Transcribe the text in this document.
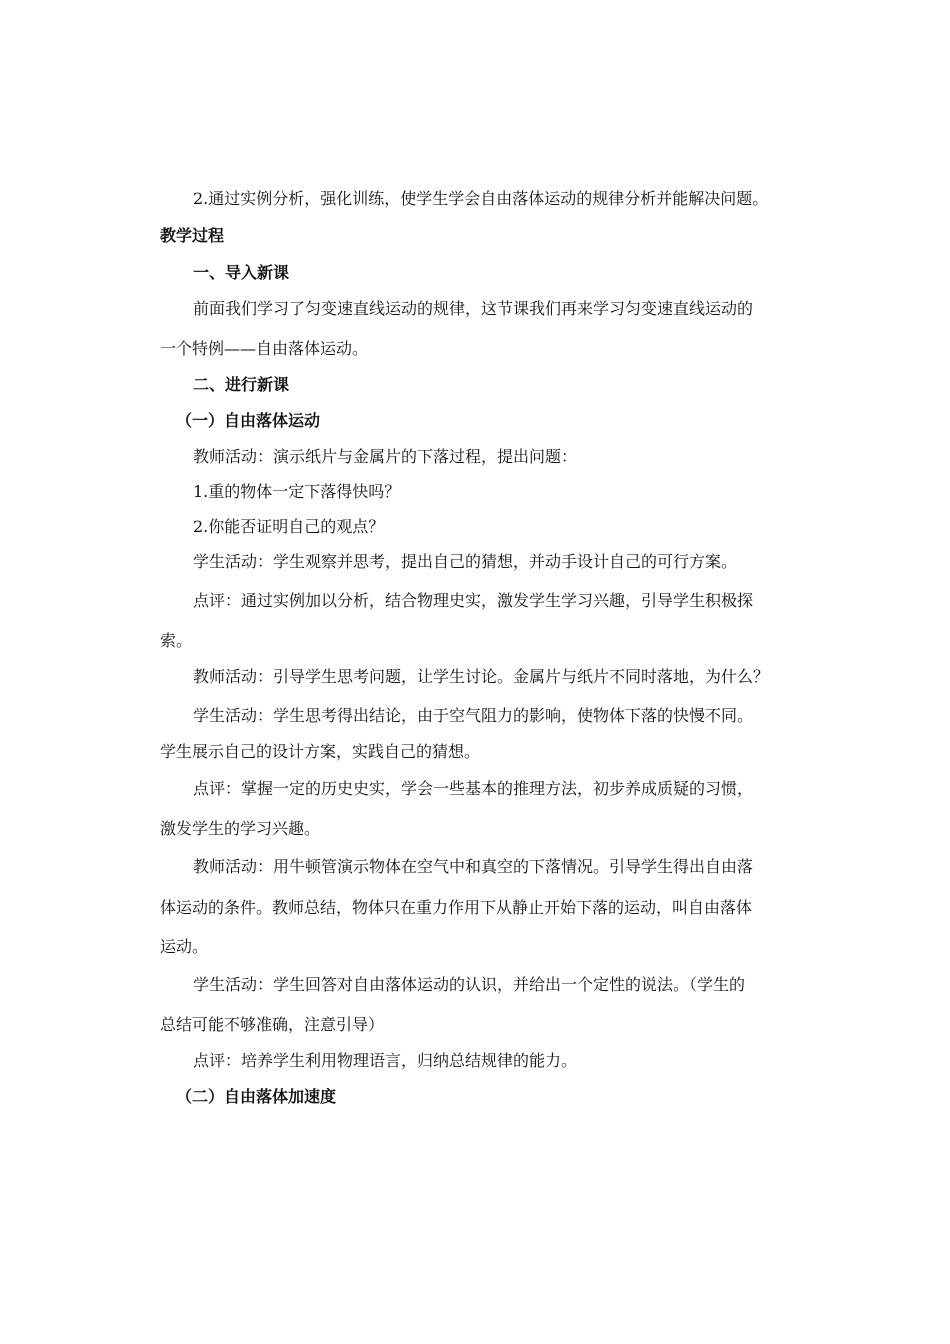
2.通过实例分析，强化训练，使学生学会自由落体运动的规律分析并能解决问题。
教学过程
一、导入新课
前面我们学习了匀变速直线运动的规律，这节课我们再来学习匀变速直线运动的
一个特例——自由落体运动。
二、进行新课
（一）自由落体运动
教师活动：演示纸片与金属片的下落过程，提出问题：
1.重的物体一定下落得快吗？
2.你能否证明自己的观点？
学生活动：学生观察并思考，提出自己的猜想，并动手设计自己的可行方案。
点评：通过实例加以分析，结合物理史实，激发学生学习兴趣，引导学生积极探
索。
教师活动：引导学生思考问题，让学生讨论。金属片与纸片不同时落地，为什么？
学生活动：学生思考得出结论，由于空气阻力的影响，使物体下落的快慢不同。
学生展示自己的设计方案，实践自己的猜想。
点评：掌握一定的历史史实，学会一些基本的推理方法，初步养成质疑的习惯，
激发学生的学习兴趣。
教师活动：用牛顿管演示物体在空气中和真空的下落情况。引导学生得出自由落
体运动的条件。教师总结，物体只在重力作用下从静止开始下落的运动，叫自由落体
运动。
学生活动：学生回答对自由落体运动的认识，并给出一个定性的说法。（学生的
总结可能不够准确，注意引导）
点评：培养学生利用物理语言，归纳总结规律的能力。
（二）自由落体加速度
